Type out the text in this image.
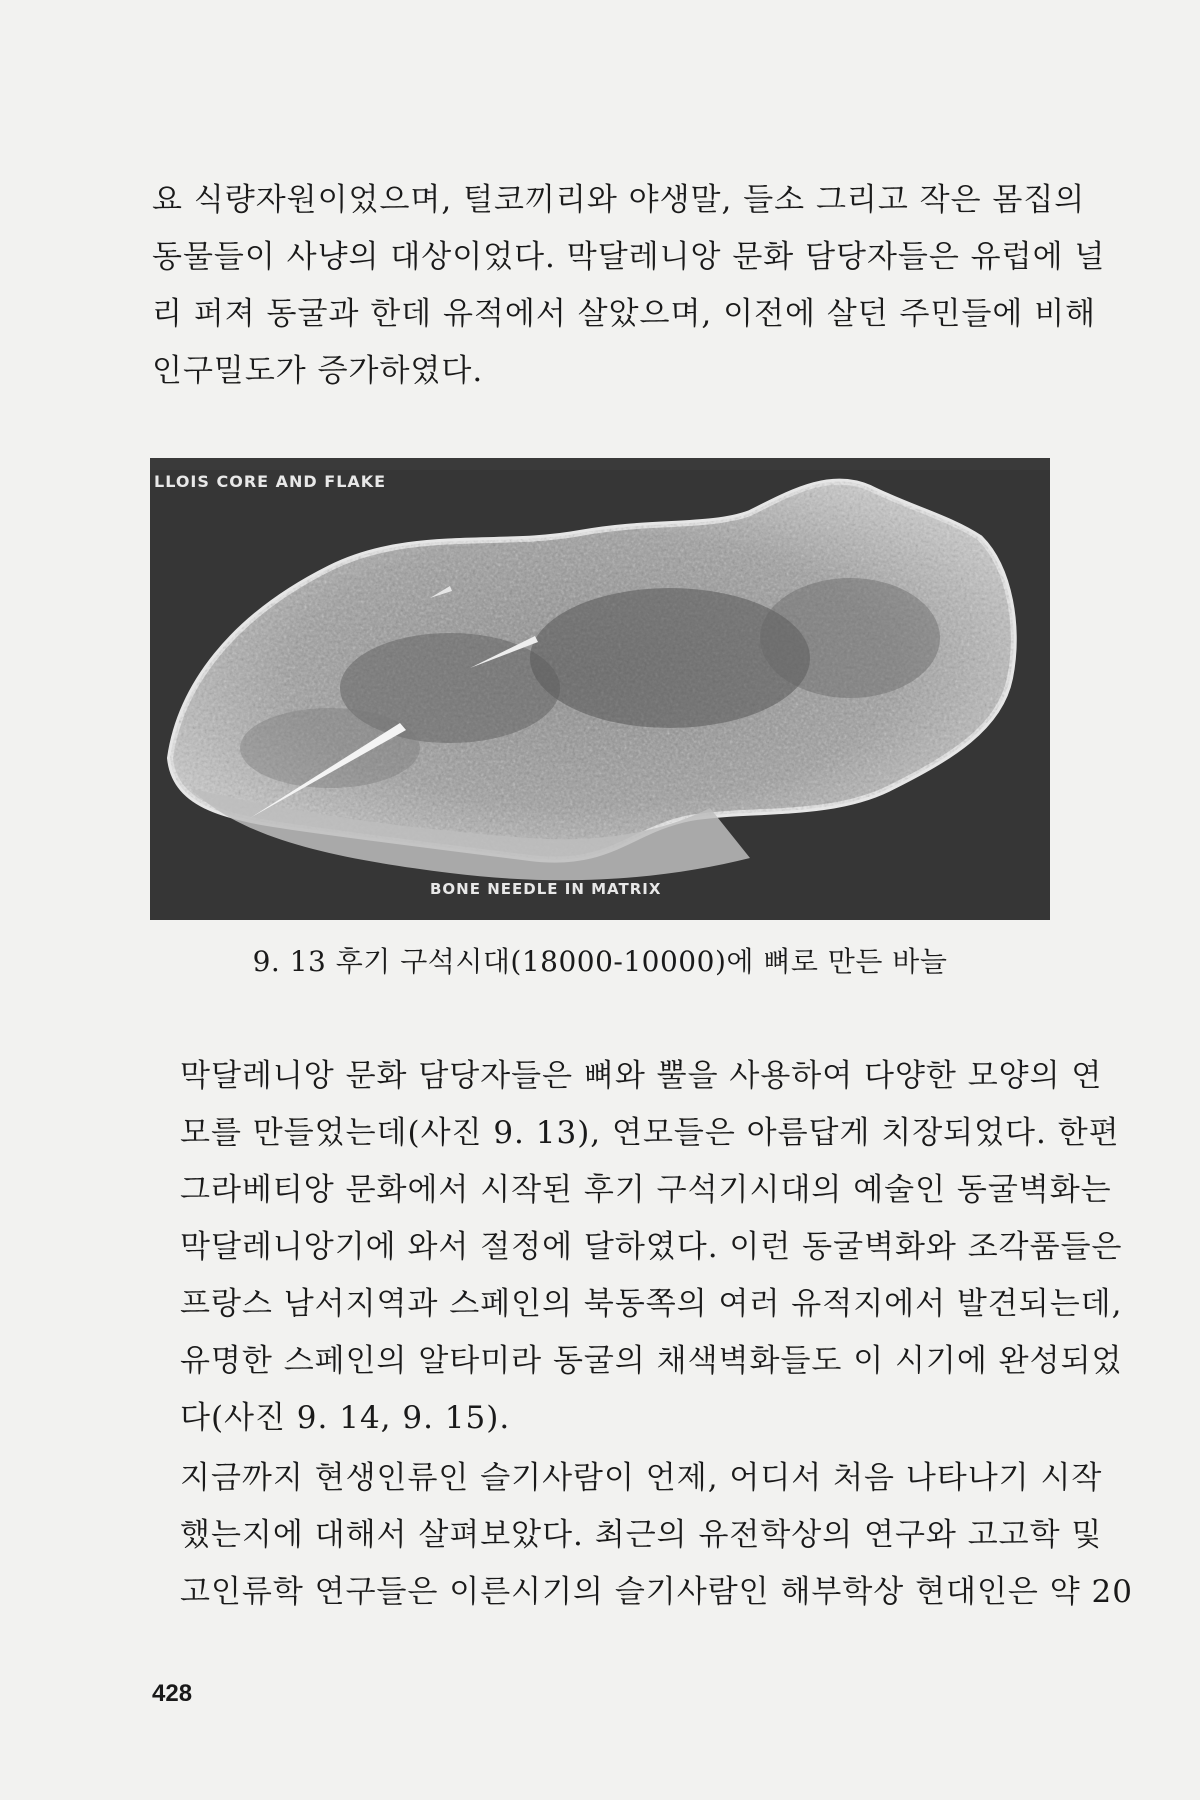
요 식량자원이었으며, 털코끼리와 야생말, 들소 그리고 작은 몸집의
동물들이 사냥의 대상이었다. 막달레니앙 문화 담당자들은 유럽에 널
리 퍼져 동굴과 한데 유적에서 살았으며, 이전에 살던 주민들에 비해
인구밀도가 증가하였다.

LLOIS CORE AND FLAKE
BONE NEEDLE IN MATRIX
9. 13 후기 구석시대(18000-10000)에 뼈로 만든 바늘

막달레니앙 문화 담당자들은 뼈와 뿔을 사용하여 다양한 모양의 연
모를 만들었는데(사진 9. 13), 연모들은 아름답게 치장되었다. 한편
그라베티앙 문화에서 시작된 후기 구석기시대의 예술인 동굴벽화는
막달레니앙기에 와서 절정에 달하였다. 이런 동굴벽화와 조각품들은
프랑스 남서지역과 스페인의 북동쪽의 여러 유적지에서 발견되는데,
유명한 스페인의 알타미라 동굴의 채색벽화들도 이 시기에 완성되었
다(사진 9. 14, 9. 15).

지금까지 현생인류인 슬기사람이 언제, 어디서 처음 나타나기 시작
했는지에 대해서 살펴보았다. 최근의 유전학상의 연구와 고고학 및
고인류학 연구들은 이른시기의 슬기사람인 해부학상 현대인은 약 20

428
